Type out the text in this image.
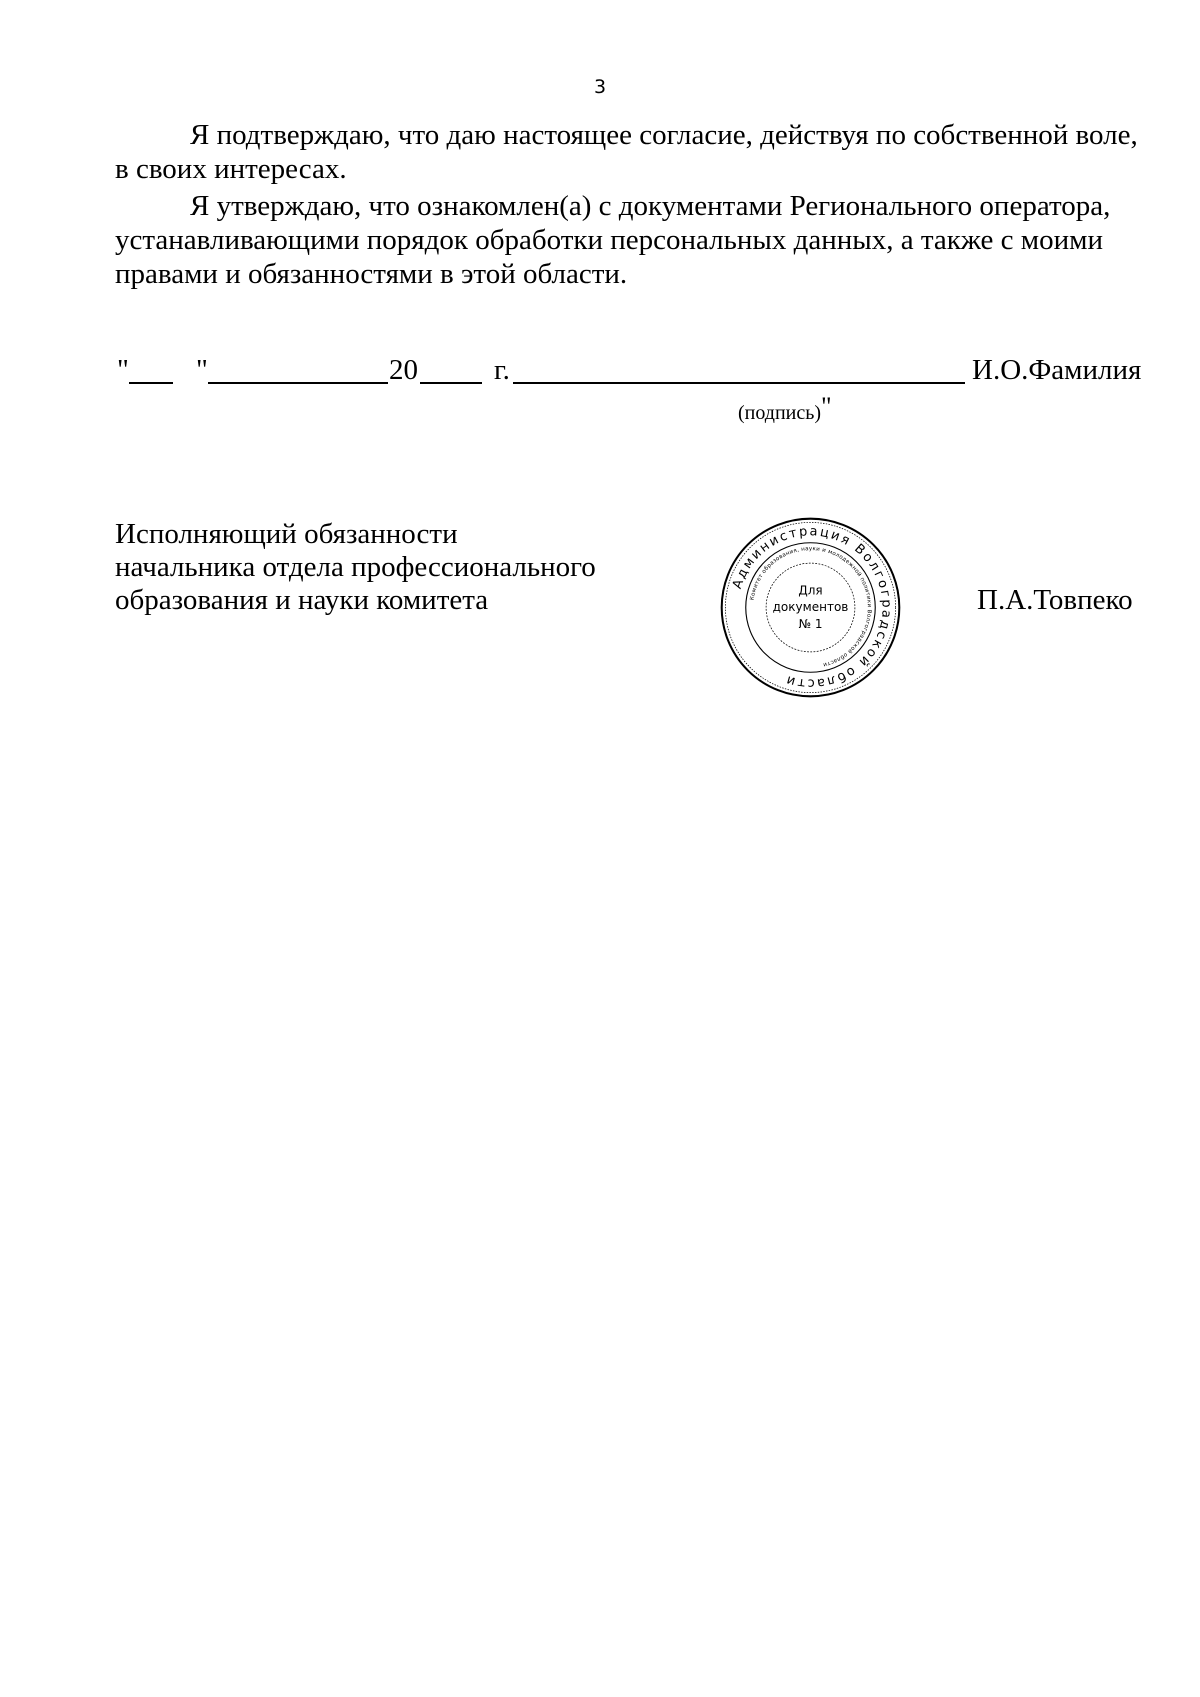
3
Я подтверждаю, что даю настоящее согласие, действуя по собственной воле,
в своих интересах.
Я утверждаю, что ознакомлен(а) с документами Регионального оператора,
устанавливающими порядок обработки персональных данных, а также с моими
правами и обязанностями в этой области.
" "	20	г.	И.О.Фамилия
(подпись)"
Исполняющий обязанности
начальника отдела профессионального
образования и науки комитета	П.А.Товпеко
Администрация Волгоградской области
Комитет образования, науки и молодежной политики Волгоградской области
Для
документов
№ 1
